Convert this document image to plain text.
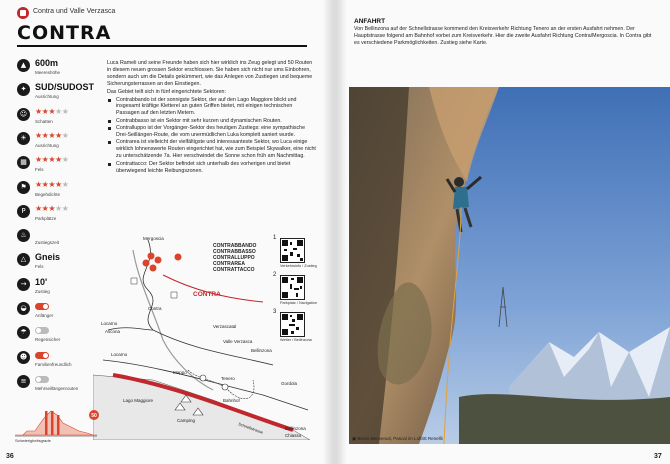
Contra und Valle Verzasca
CONTRA
▲ 600m
Meereshöhe
✦ SUD/SUDOST
Ausrichtung
☺ ★★★★★
Schatten
☀	★★★★★
Ausrichtung
▦	★★★★★
Fels
⚑	★★★★★
Begehdichte
P	★★★★★
Parkplätze
♨
Zustiegszeit
△ Gneis
Fels
→ 10'
Zustieg
◒
Anfänger
☂
Regensicher
☻
Familienfreundlich
≡
Mehrseillängenrouten

Luca Rameli und seine Freunde haben sich hier wirklich ins Zeug gelegt und 50 Routen in diesem neuen grossen Sektor erschlossen. Sie haben sich nicht nur ums Einbohren, sondern auch um die Details gekümmert, wie das Anlegen von Zustiegen und bequeme Sicherungsterrassen an den Einstiegen.

Das Gebiet teilt sich in fünf eingerichtete Sektoren:

Contrabbando ist der sonnigste Sektor, der auf den Lago Maggiore blickt und insgesamt kräftige Klettereí an guten Griffen bietet, mit einigen technischen Passagen auf den letzten Metern.
Contrabbasso ist ein Sektor mit sehr kurzen und dynamischen Routen.
Contralluppo ist der Vorgänger-Sektor des heutigen Zustiegs: eine sympathische Drei-Seillängen-Route, die vom unermüdlichen Luka komplett saniert wurde.
Contrarea ist vielleicht der vielfältigste und interessanteste Sektor, wo Luca einige wirklich lohnenswerte Routen eingerichtet hat, wie zum Beispiel Skywalker, eine nicht zu unterschätzende 7a. Hier verschwindet die Sonne schon früh am Nachmittag.
Contrattacco: Der Sektor befindet sich unterhalb des vorherigen und bietet überwiegend leichte Reibungszonen.
Mergoscia
CONTRA
Verzascatal
Contra
Locarno
Ascona
Valle Verzasca
Bellinzona
Locarno
Mappo
Tenero
Gordola
Lago Maggiore	Bahnhof
Camping
Schnellstrasse	Bellinzona
Chiasso
CONTRABBANDO
CONTRABBASSO
CONTRALLUPPO
CONTRAREA
CONTRATTACCO
1
Verkehrsinfo / Zustieg
2
Parkplatz / Navigation
3
Wetter / Bellinzona
50
Schwierigkeitsgrade
36
ANFAHRT
Von Bellinzona auf der Schnellstrasse kommend den Kreisverkehr Richtung Tenero an der ersten Ausfahrt nehmen. Der Hauptstrasse folgend am Bahnhof vorbei zum Kreisverkehr. Hier die zweite Ausfahrt Richtung Contra/Mergoscia. In Contra gibt es verschiedene Parkmöglichkeiten. Zustieg siehe Karte.
37
▣ Bruno Benvenuti, Pascal im Luftritt Renellli
